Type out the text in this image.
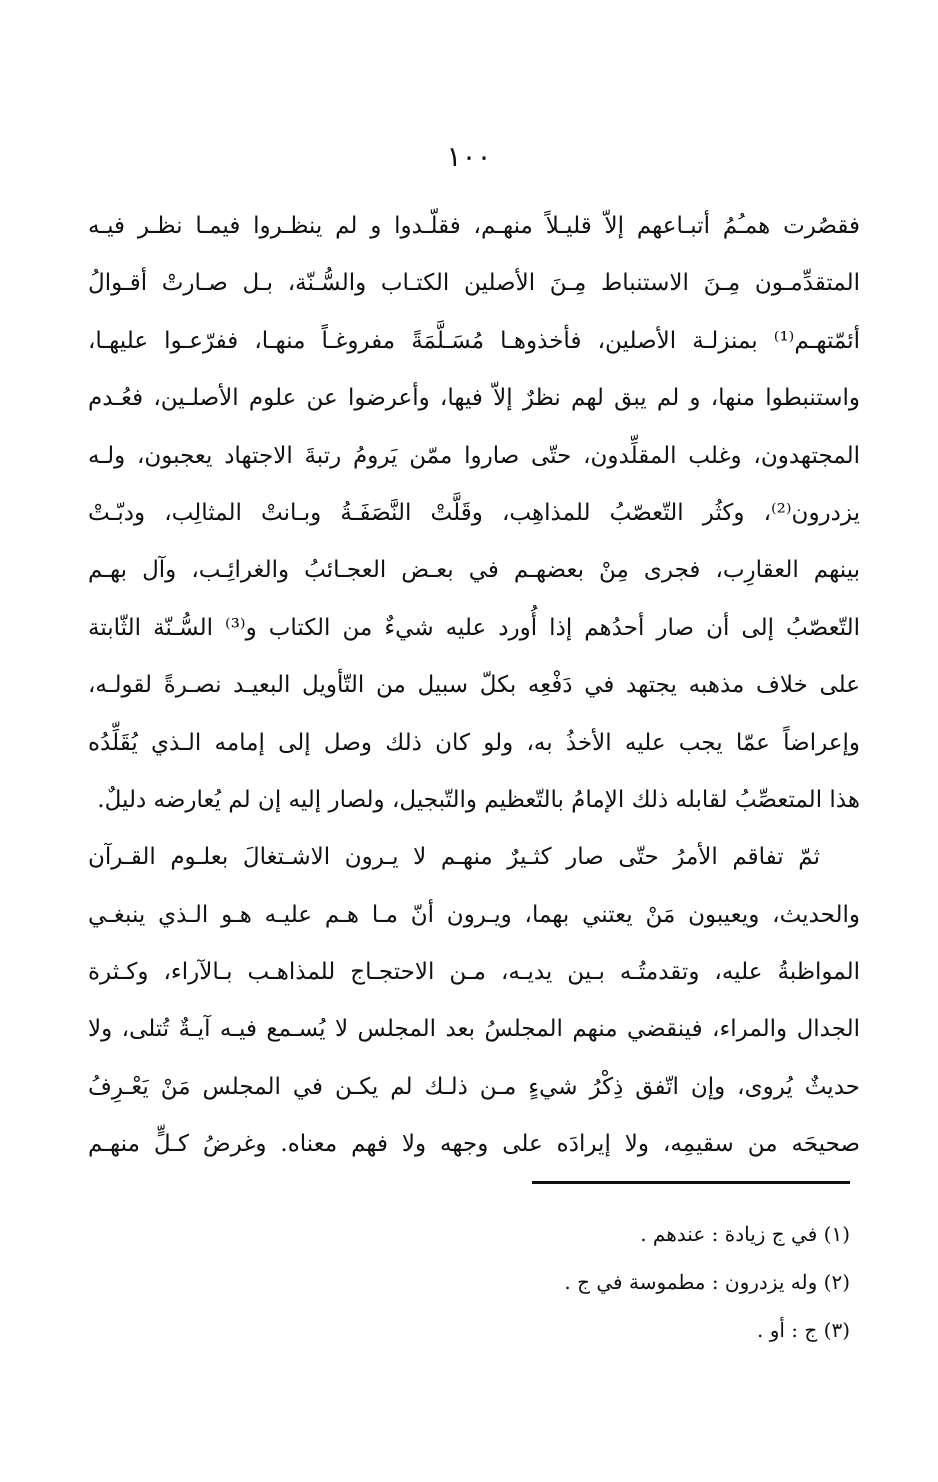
١٠٠
فقصُرت همـُمُ أتبـاعهم إلاّ قليـلاً منهـم، فقلّـدوا و لم ينظـروا فيمـا نظـر فيـه
المتقدِّمـون مِـنَ الاستنباط مِـنَ الأصلين الكتـاب والسُّـنّة، بـل صـارتْ أقـوالُ
أئمّتهـم⁽¹⁾ بمنزلـة الأصلين، فأخذوهـا مُسَـلَّمَةً مفروغـاً منهـا، ففرّعـوا عليهـا،
واستنبطوا منها، و لم يبق لهم نظرٌ إلاّ فيها، وأعرضوا عن علوم الأصلـين، فعُـدم
المجتهدون، وغلب المقلِّدون، حتّى صاروا ممّن يَرومُ رتبةَ الاجتهاد يعجبون، ولـه
يزدرون⁽²⁾، وكثُر التّعصّبُ للمذاهِب، وقَلَّتْ النَّصَفَـةُ وبـانتْ المثالِب، ودبّـتْ
بينهم العقارِب، فجرى مِنْ بعضهـم في بعـض العجـائبُ والغرائِـب، وآل بهـم
التّعصّبُ إلى أن صار أحدُهم إذا أُورد عليه شيءٌ من الكتاب و⁽³⁾ السُّـنّة الثّابتة
على خلاف مذهبه يجتهد في دَفْعِه بكلّ سبيل من التّأويل البعيـد نصـرةً لقولـه،
وإعراضاً عمّا يجب عليه الأخذُ به، ولو كان ذلك وصل إلى إمامه الـذي يُقَلِّدُه
هذا المتعصِّبُ لقابله ذلك الإمامُ بالتّعظيم والتّبجيل، ولصار إليه إن لم يُعارضه دليلٌ.
ثمّ تفاقم الأمرُ حتّى صار كثـيرٌ منهـم لا يـرون الاشـتغالَ بعلـوم القـرآن
والحديث، ويعيبون مَنْ يعتني بهما، ويـرون أنّ مـا هـم عليـه هـو الـذي ينبغـي
المواظبةُ عليه، وتقدمتُـه بـين يديـه، مـن الاحتجـاج للمذاهـب بـالآراء، وكـثرة
الجدال والمراء، فينقضي منهم المجلسُ بعد المجلس لا يُسـمع فيـه آيـةٌ تُتلى، ولا
حديثٌ يُروى، وإن اتّفق ذِكْرُ شيءٍ مـن ذلـك لم يكـن في المجلس مَنْ يَعْـرِفُ
صحيحَه من سقيمِه، ولا إيرادَه على وجهه ولا فهم معناه. وغرضُ كـلٍّ منهـم
(١) في ج زيادة : عندهم .
(٢) وله يزدرون : مطموسة في ج .
(٣) ج : أو .
